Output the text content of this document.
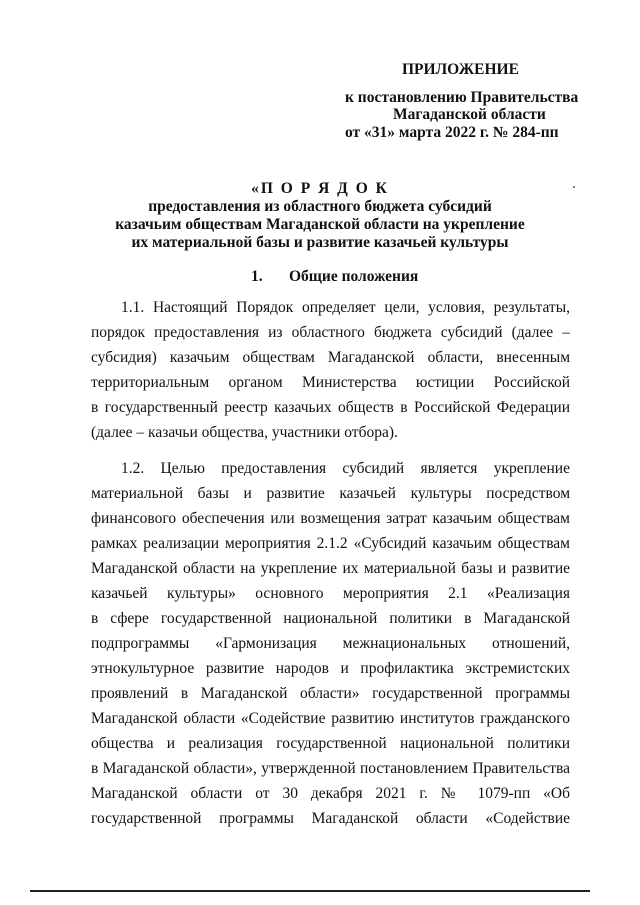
ПРИЛОЖЕНИЕ
к постановлению Правительства
Магаданской области
от «31» марта 2022 г. № 284-пп
«П О Р Я Д О К
предоставления из областного бюджета субсидий
казачьим обществам Магаданской области на укрепление
их материальной базы и развитие казачьей культуры
1. Общие положения
1.1. Настоящий Порядок определяет цели, условия, результаты,
порядок предоставления из областного бюджета субсидий (далее –
субсидия) казачьим обществам Магаданской области, внесенным
территориальным органом Министерства юстиции Российской
в государственный реестр казачьих обществ в Российской Федерации
(далее – казачьи общества, участники отбора).
1.2. Целью предоставления субсидий является укрепление
материальной базы и развитие казачьей культуры посредством
финансового обеспечения или возмещения затрат казачьим обществам
рамках реализации мероприятия 2.1.2 «Субсидий казачьим обществам
Магаданской области на укрепление их материальной базы и развитие
казачьей культуры» основного мероприятия 2.1 «Реализация
в сфере государственной национальной политики в Магаданской
подпрограммы «Гармонизация межнациональных отношений,
этнокультурное развитие народов и профилактика экстремистских
проявлений в Магаданской области» государственной программы
Магаданской области «Содействие развитию институтов гражданского
общества и реализация государственной национальной политики
в Магаданской области», утвержденной постановлением Правительства
Магаданской области от 30 декабря 2021 г. № 1079-пп «Об
государственной программы Магаданской области «Содействие
